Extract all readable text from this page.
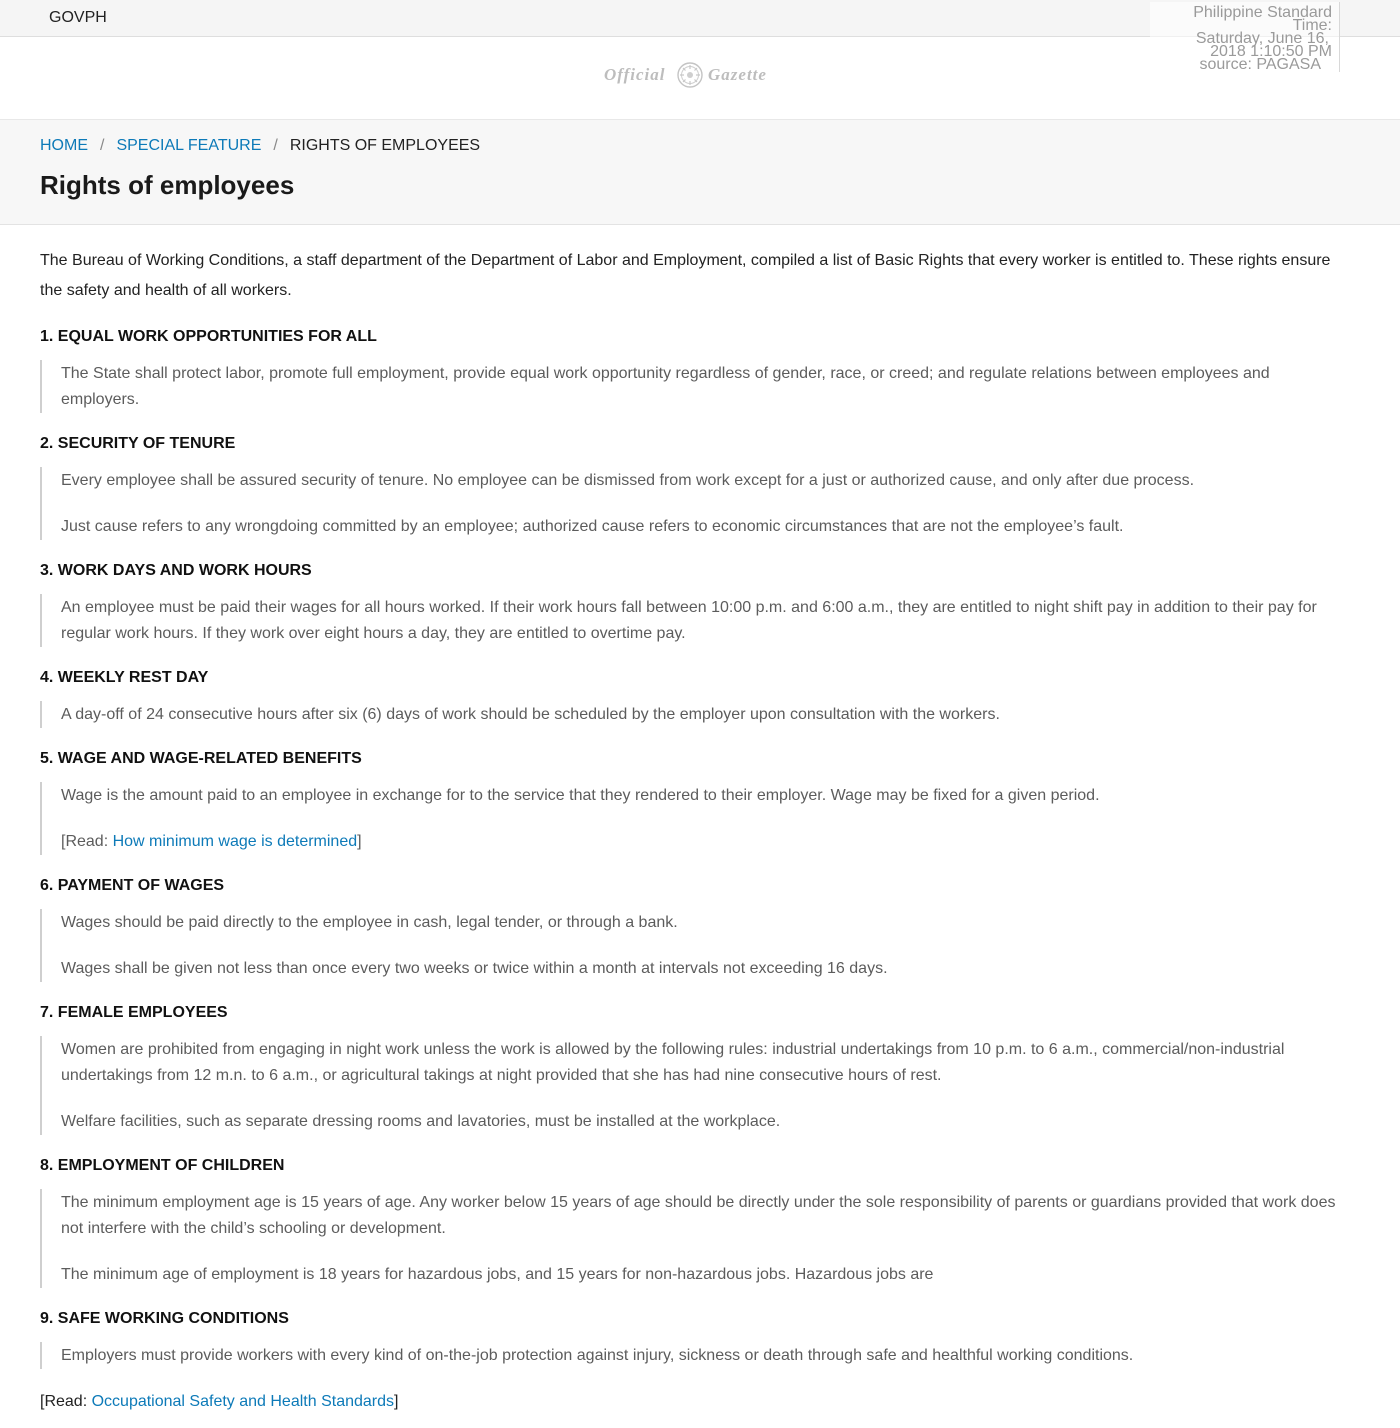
GOVPH	Philippine Standard
Time:
Saturday, June 16,
2018 1:10:50 PM
source: PAGASA
Official Gazette
HOME / SPECIAL FEATURE / RIGHTS OF EMPLOYEES
Rights of employees

The Bureau of Working Conditions, a staff department of the Department of Labor and Employment, compiled a list of Basic Rights that every worker is entitled to. These rights ensure the safety and health of all workers.

1. EQUAL WORK OPPORTUNITIES FOR ALL

The State shall protect labor, promote full employment, provide equal work opportunity regardless of gender, race, or creed; and regulate relations between employees and employers.

2. SECURITY OF TENURE

Every employee shall be assured security of tenure. No employee can be dismissed from work except for a just or authorized cause, and only after due process.

Just cause refers to any wrongdoing committed by an employee; authorized cause refers to economic circumstances that are not the employee’s fault.

3. WORK DAYS AND WORK HOURS

An employee must be paid their wages for all hours worked. If their work hours fall between 10:00 p.m. and 6:00 a.m., they are entitled to night shift pay in addition to their pay for regular work hours. If they work over eight hours a day, they are entitled to overtime pay.

4. WEEKLY REST DAY

A day-off of 24 consecutive hours after six (6) days of work should be scheduled by the employer upon consultation with the workers.

5. WAGE AND WAGE-RELATED BENEFITS

Wage is the amount paid to an employee in exchange for to the service that they rendered to their employer. Wage may be fixed for a given period.

[Read: How minimum wage is determined]

6. PAYMENT OF WAGES

Wages should be paid directly to the employee in cash, legal tender, or through a bank.

Wages shall be given not less than once every two weeks or twice within a month at intervals not exceeding 16 days.

7. FEMALE EMPLOYEES

Women are prohibited from engaging in night work unless the work is allowed by the following rules: industrial undertakings from 10 p.m. to 6 a.m., commercial/non-industrial undertakings from 12 m.n. to 6 a.m., or agricultural takings at night provided that she has had nine consecutive hours of rest.

Welfare facilities, such as separate dressing rooms and lavatories, must be installed at the workplace.

8. EMPLOYMENT OF CHILDREN

The minimum employment age is 15 years of age. Any worker below 15 years of age should be directly under the sole responsibility of parents or guardians provided that work does not interfere with the child’s schooling or development.

The minimum age of employment is 18 years for hazardous jobs, and 15 years for non-hazardous jobs. Hazardous jobs are

9. SAFE WORKING CONDITIONS

Employers must provide workers with every kind of on-the-job protection against injury, sickness or death through safe and healthful working conditions.

[Read: Occupational Safety and Health Standards]
